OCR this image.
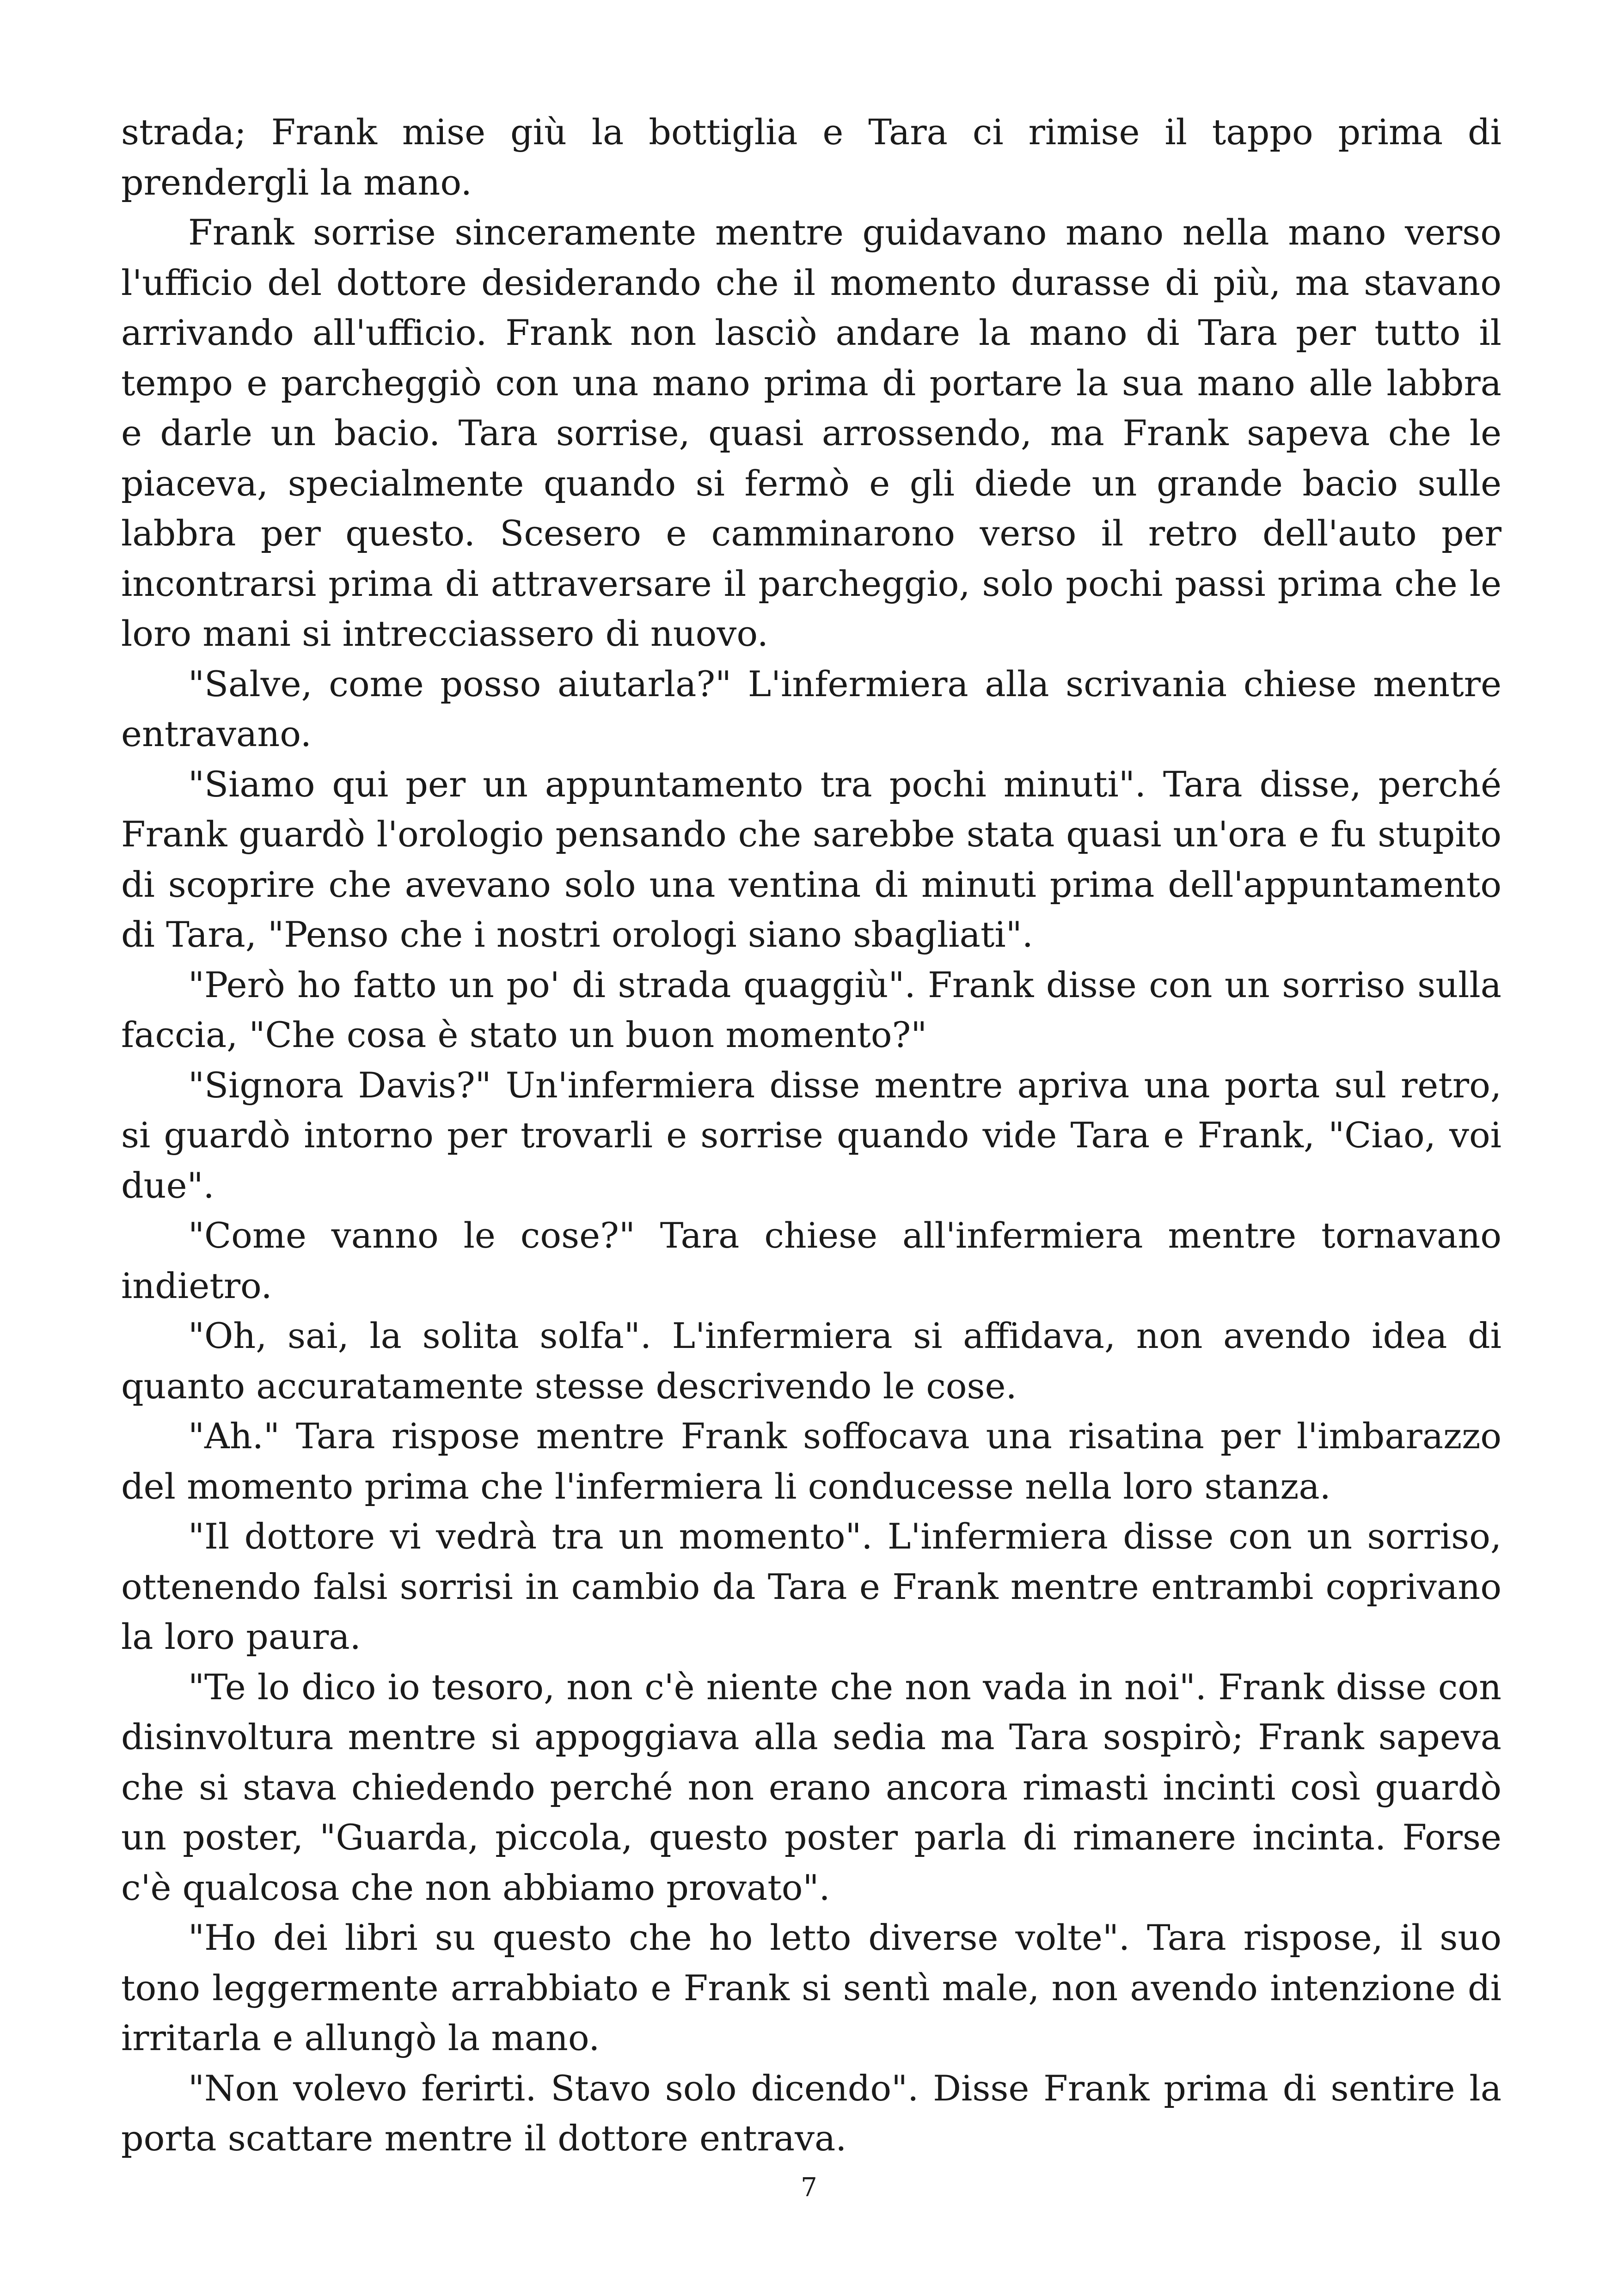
strada; Frank mise giù la bottiglia e Tara ci rimise il tappo prima di prendergli la mano.

Frank sorrise sinceramente mentre guidavano mano nella mano verso l'ufficio del dottore desiderando che il momento durasse di più, ma stavano arrivando all'ufficio. Frank non lasciò andare la mano di Tara per tutto il tempo e parcheggiò con una mano prima di portare la sua mano alle labbra e darle un bacio. Tara sorrise, quasi arrossendo, ma Frank sapeva che le piaceva, specialmente quando si fermò e gli diede un grande bacio sulle labbra per questo. Scesero e camminarono verso il retro dell'auto per incontrarsi prima di attraversare il parcheggio, solo pochi passi prima che le loro mani si intrecciassero di nuovo.

"Salve, come posso aiutarla?" L'infermiera alla scrivania chiese mentre entravano.

"Siamo qui per un appuntamento tra pochi minuti". Tara disse, perché Frank guardò l'orologio pensando che sarebbe stata quasi un'ora e fu stupito di scoprire che avevano solo una ventina di minuti prima dell'appuntamento di Tara, "Penso che i nostri orologi siano sbagliati".

"Però ho fatto un po' di strada quaggiù". Frank disse con un sorriso sulla faccia, "Che cosa è stato un buon momento?"

"Signora Davis?" Un'infermiera disse mentre apriva una porta sul retro, si guardò intorno per trovarli e sorrise quando vide Tara e Frank, "Ciao, voi due".

"Come vanno le cose?" Tara chiese all'infermiera mentre tornavano indietro.

"Oh, sai, la solita solfa". L'infermiera si affidava, non avendo idea di quanto accuratamente stesse descrivendo le cose.

"Ah." Tara rispose mentre Frank soffocava una risatina per l'imbarazzo del momento prima che l'infermiera li conducesse nella loro stanza.

"Il dottore vi vedrà tra un momento". L'infermiera disse con un sorriso, ottenendo falsi sorrisi in cambio da Tara e Frank mentre entrambi coprivano la loro paura.

"Te lo dico io tesoro, non c'è niente che non vada in noi". Frank disse con disinvoltura mentre si appoggiava alla sedia ma Tara sospirò; Frank sapeva che si stava chiedendo perché non erano ancora rimasti incinti così guardò un poster, "Guarda, piccola, questo poster parla di rimanere incinta. Forse c'è qualcosa che non abbiamo provato".

"Ho dei libri su questo che ho letto diverse volte". Tara rispose, il suo tono leggermente arrabbiato e Frank si sentì male, non avendo intenzione di irritarla e allungò la mano.

"Non volevo ferirti. Stavo solo dicendo". Disse Frank prima di sentire la porta scattare mentre il dottore entrava.

7
